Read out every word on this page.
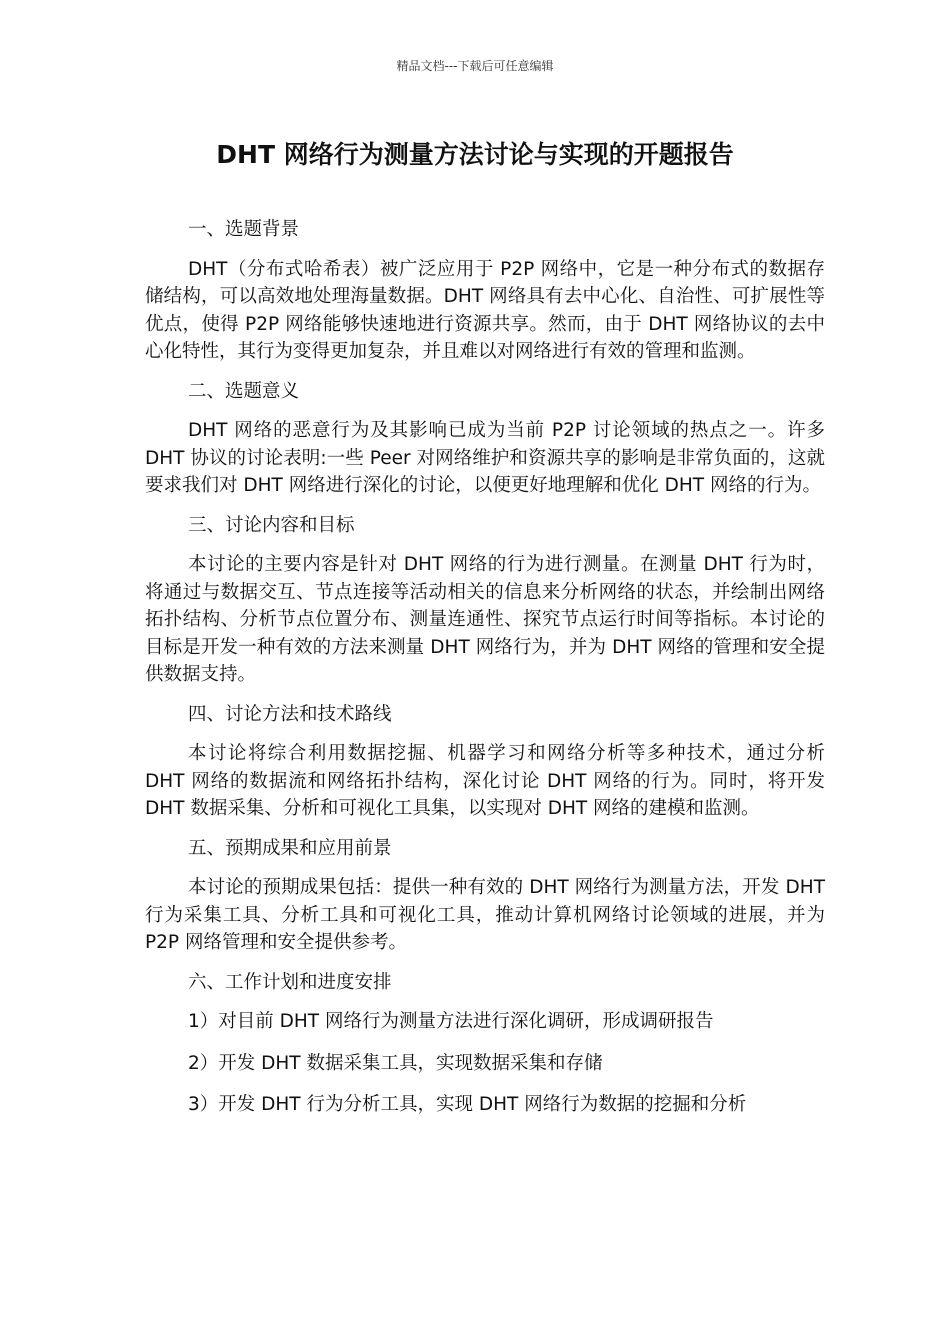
精品文档---下载后可任意编辑
DHT 网络行为测量方法讨论与实现的开题报告
一、选题背景

DHT（分布式哈希表）被广泛应用于 P2P 网络中，它是一种分布式的数据存储结构，可以高效地处理海量数据。DHT 网络具有去中心化、自治性、可扩展性等优点，使得 P2P 网络能够快速地进行资源共享。然而，由于 DHT 网络协议的去中心化特性，其行为变得更加复杂，并且难以对网络进行有效的管理和监测。

二、选题意义

DHT 网络的恶意行为及其影响已成为当前 P2P 讨论领域的热点之一。许多 DHT 协议的讨论表明:一些 Peer 对网络维护和资源共享的影响是非常负面的，这就要求我们对 DHT 网络进行深化的讨论，以便更好地理解和优化 DHT 网络的行为。

三、讨论内容和目标

本讨论的主要内容是针对 DHT 网络的行为进行测量。在测量 DHT 行为时，将通过与数据交互、节点连接等活动相关的信息来分析网络的状态，并绘制出网络拓扑结构、分析节点位置分布、测量连通性、探究节点运行时间等指标。本讨论的目标是开发一种有效的方法来测量 DHT 网络行为，并为 DHT 网络的管理和安全提供数据支持。

四、讨论方法和技术路线

本讨论将综合利用数据挖掘、机器学习和网络分析等多种技术，通过分析 DHT 网络的数据流和网络拓扑结构，深化讨论 DHT 网络的行为。同时，将开发 DHT 数据采集、分析和可视化工具集，以实现对 DHT 网络的建模和监测。

五、预期成果和应用前景

本讨论的预期成果包括：提供一种有效的 DHT 网络行为测量方法，开发 DHT 行为采集工具、分析工具和可视化工具，推动计算机网络讨论领域的进展，并为 P2P 网络管理和安全提供参考。

六、工作计划和进度安排

1）对目前 DHT 网络行为测量方法进行深化调研，形成调研报告

2）开发 DHT 数据采集工具，实现数据采集和存储

3）开发 DHT 行为分析工具，实现 DHT 网络行为数据的挖掘和分析
